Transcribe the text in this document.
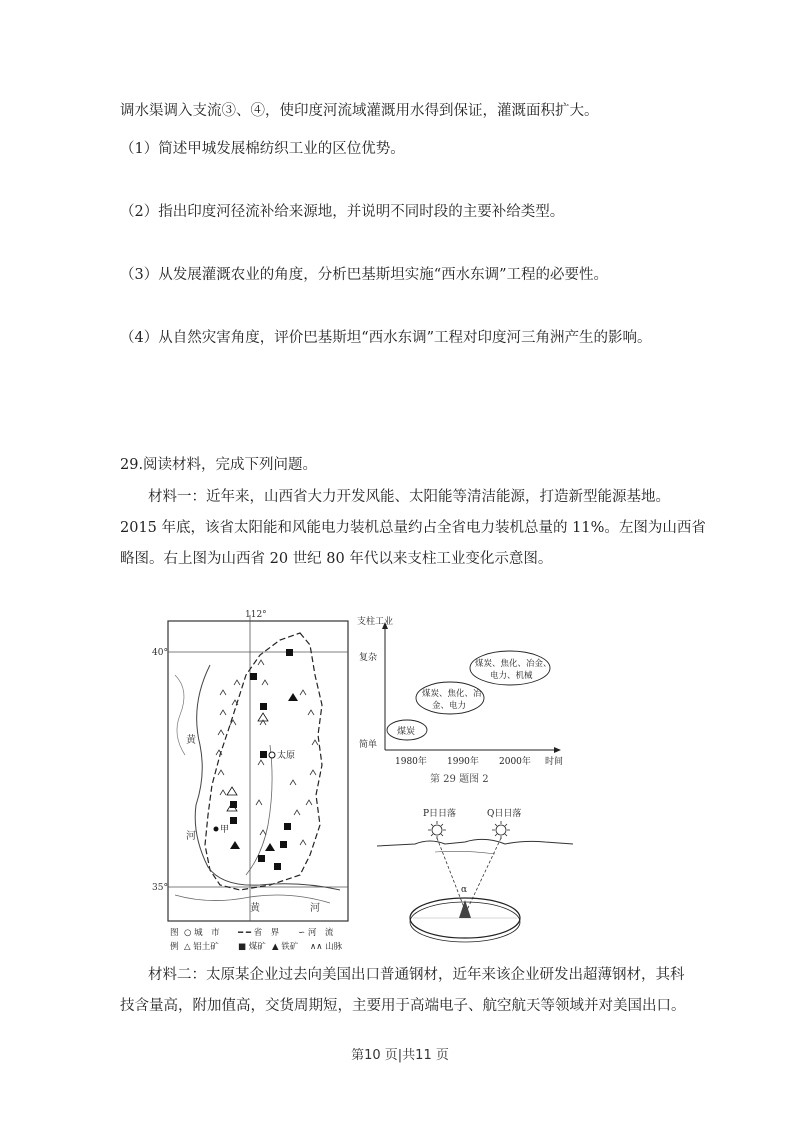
调水渠调入支流③、④，使印度河流域灌溉用水得到保证，灌溉面积扩大。
（1）简述甲城发展棉纺织工业的区位优势。
（2）指出印度河径流补给来源地，并说明不同时段的主要补给类型。
（3）从发展灌溉农业的角度，分析巴基斯坦实施“西水东调”工程的必要性。
（4）从自然灾害角度，评价巴基斯坦“西水东调”工程对印度河三角洲产生的影响。
29.阅读材料，完成下列问题。
材料一：近年来，山西省大力开发风能、太阳能等清洁能源，打造新型能源基地。
2015 年底，该省太阳能和风能电力装机总量约占全省电力装机总量的 11%。左图为山西省
略图。右上图为山西省 20 世纪 80 年代以来支柱工业变化示意图。
112°
40°
35°
黄
河
黄	河
太原
甲
图
例
○ 城　市 ━ ━ 省　界 ∽ 河　流
△ 铝土矿 ■ 煤矿 ▲ 铁矿 ∧∧ 山脉
支柱工业
复杂
简单
时间
1980年 1990年 2000年
第 29 题图 2
煤炭
煤炭、焦化、冶
金、电力
煤炭、焦化、冶金、
电力、机械
P日日落	Q日日落
α
材料二：太原某企业过去向美国出口普通钢材，近年来该企业研发出超薄钢材，其科
技含量高，附加值高，交货周期短，主要用于高端电子、航空航天等领域并对美国出口。
第10 页|共11 页
